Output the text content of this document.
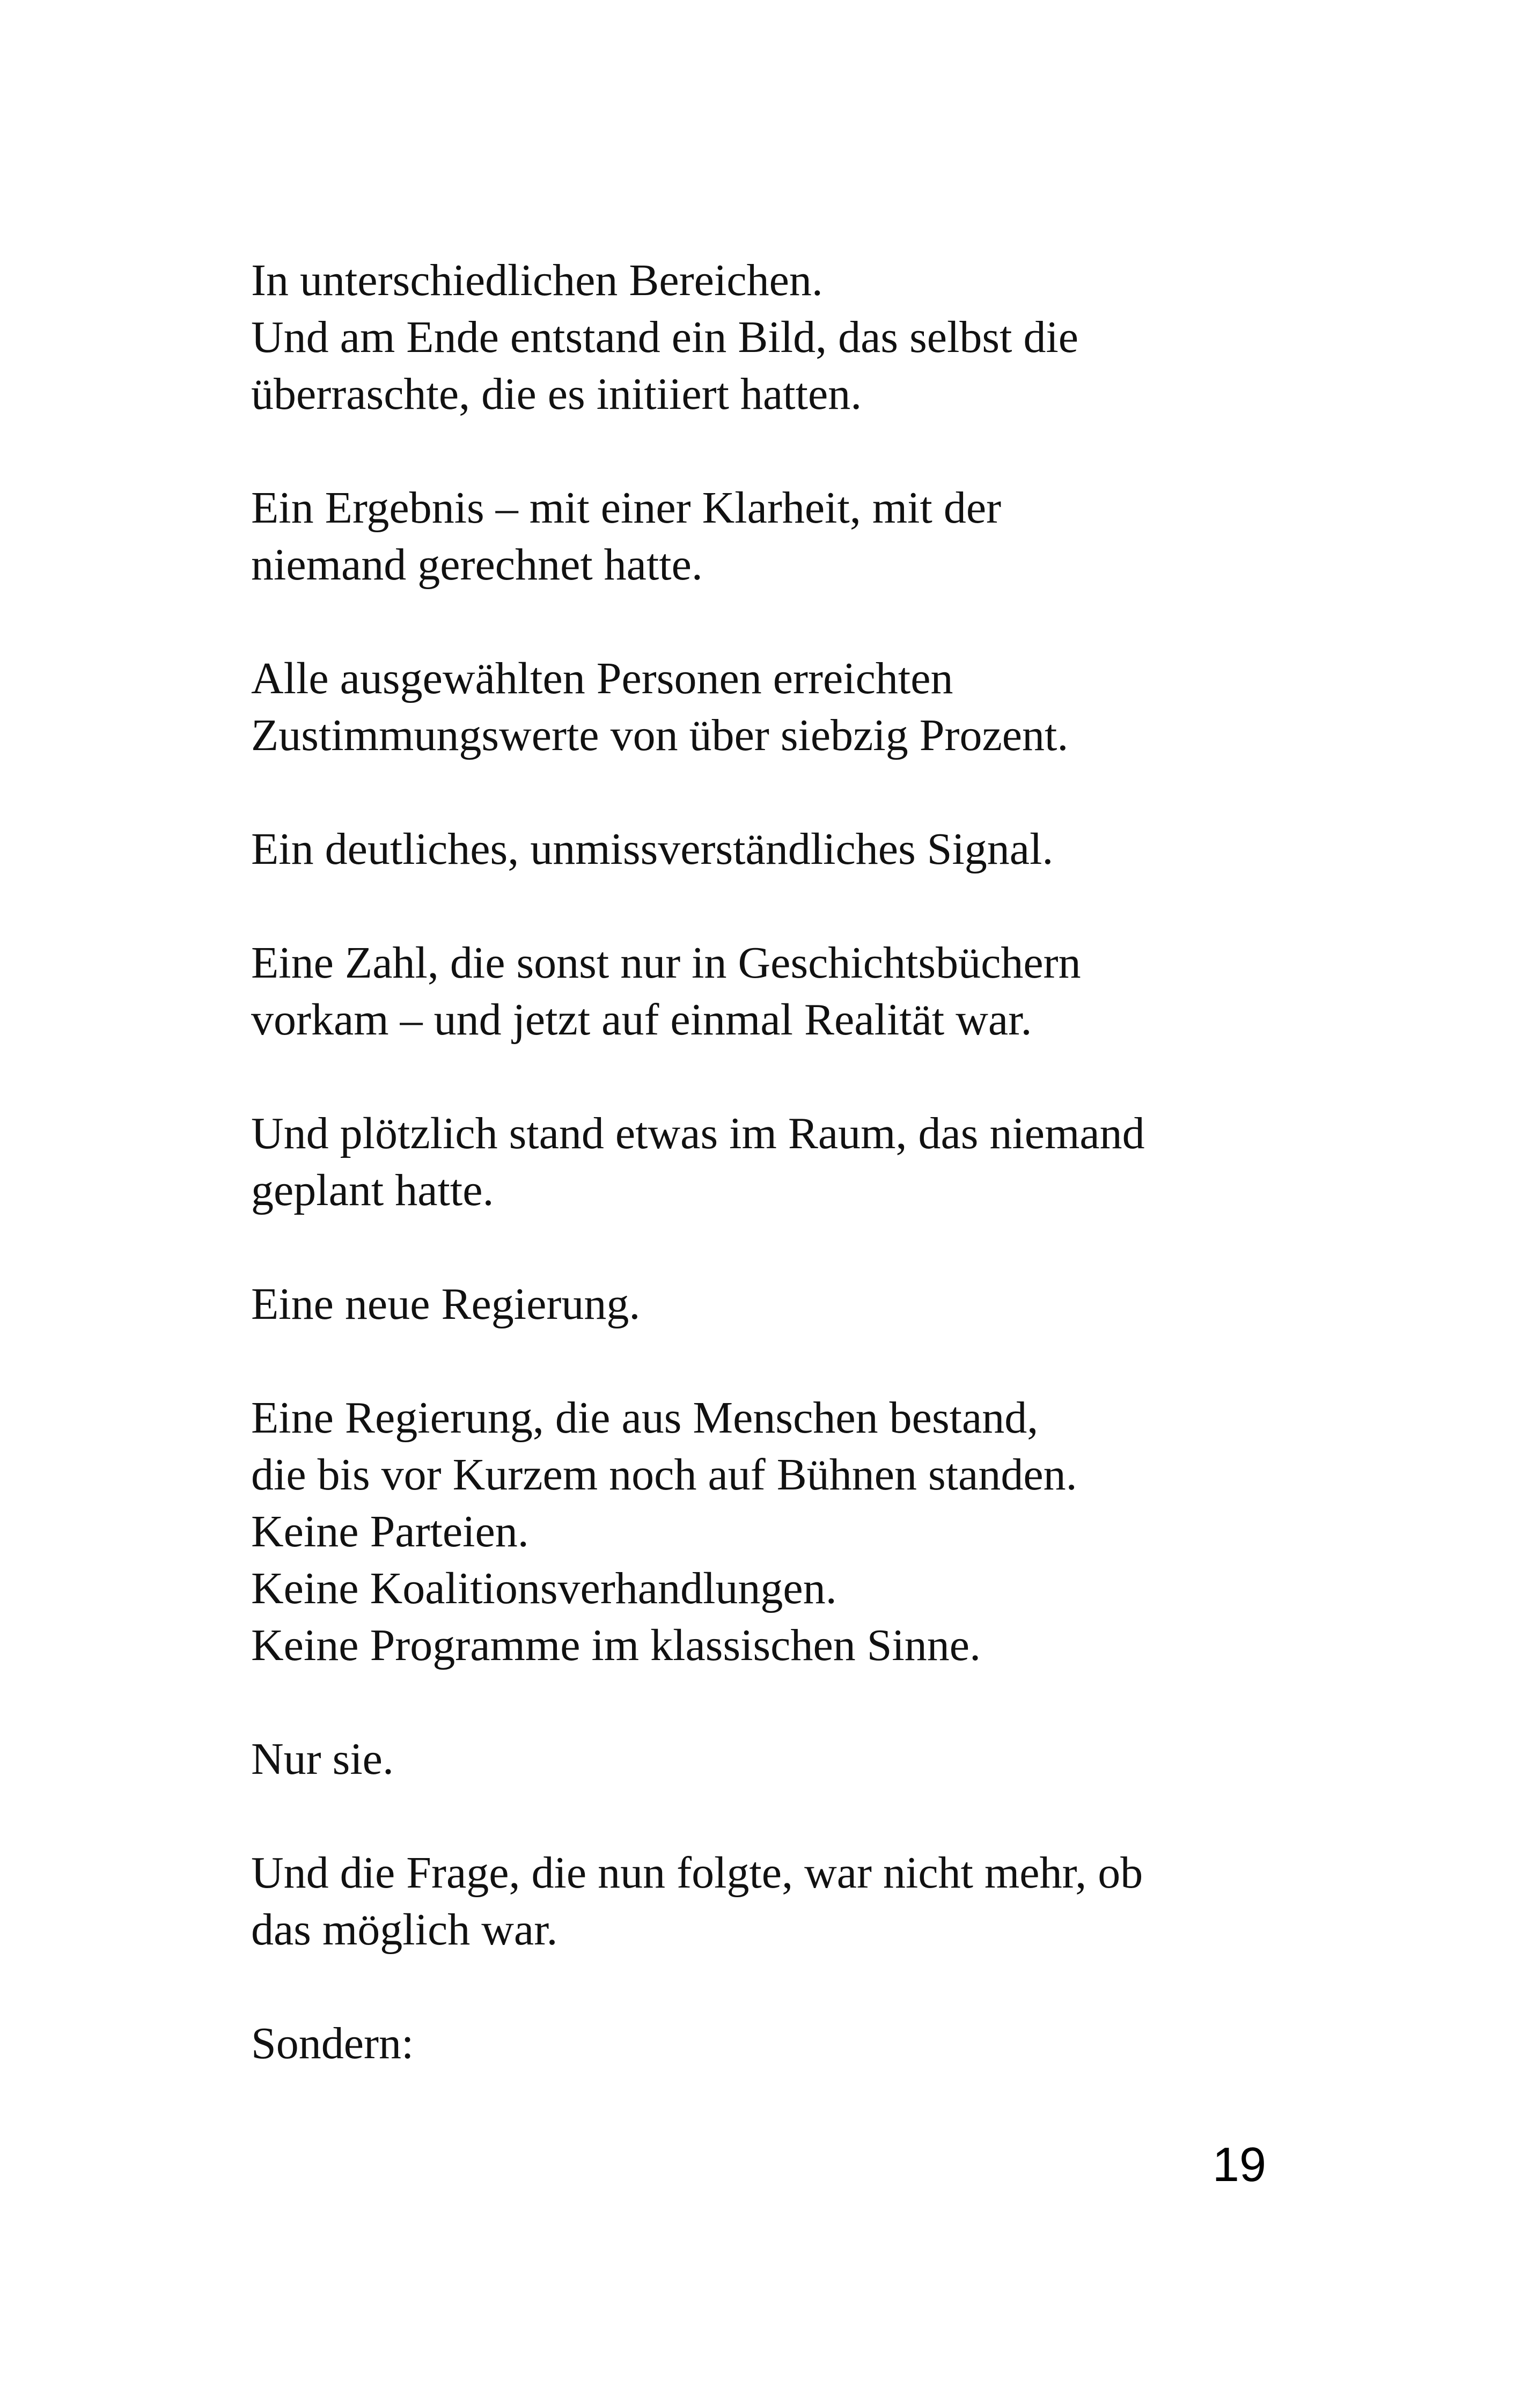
In unterschiedlichen Bereichen.
Und am Ende entstand ein Bild, das selbst die
überraschte, die es initiiert hatten.

Ein Ergebnis – mit einer Klarheit, mit der
niemand gerechnet hatte.

Alle ausgewählten Personen erreichten
Zustimmungswerte von über siebzig Prozent.

Ein deutliches, unmissverständliches Signal.

Eine Zahl, die sonst nur in Geschichtsbüchern
vorkam – und jetzt auf einmal Realität war.

Und plötzlich stand etwas im Raum, das niemand
geplant hatte.

Eine neue Regierung.

Eine Regierung, die aus Menschen bestand,
die bis vor Kurzem noch auf Bühnen standen.
Keine Parteien.
Keine Koalitionsverhandlungen.
Keine Programme im klassischen Sinne.

Nur sie.

Und die Frage, die nun folgte, war nicht mehr, ob
das möglich war.

Sondern:

19
